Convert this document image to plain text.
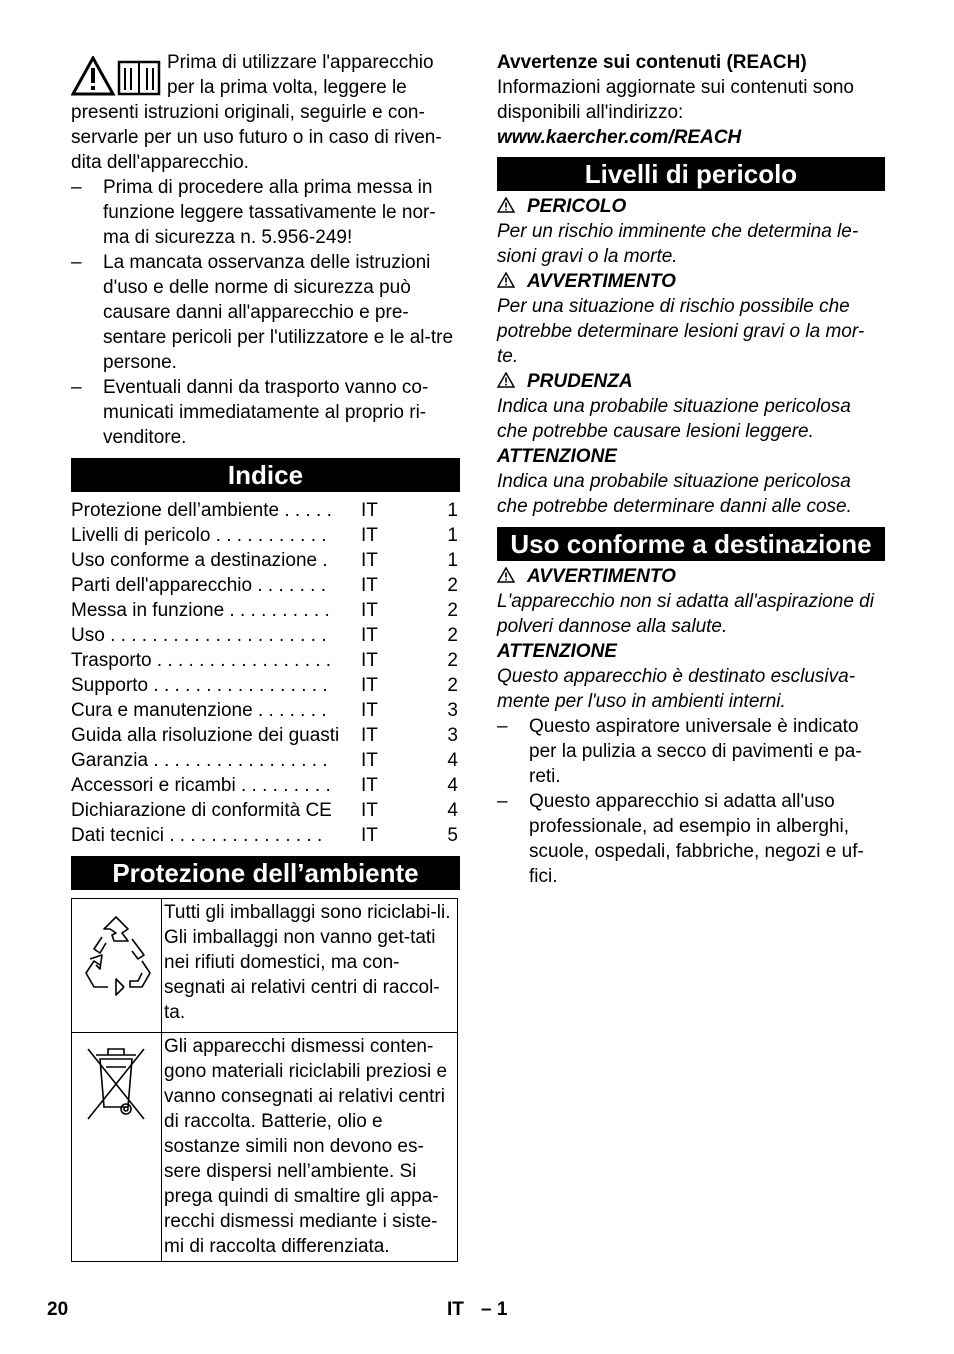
Prima di utilizzare l'apparecchio

per la prima volta, leggere le

presenti istruzioni originali, seguirle e con-

servarle per un uso futuro o in caso di riven-

dita dell'apparecchio.

– Prima di procedere alla prima messa in funzione leggere tassativamente le nor-ma di sicurezza n. 5.956-249!
– La mancata osservanza delle istruzioni d'uso e delle norme di sicurezza può causare danni all'apparecchio e pre-sentare pericoli per l'utilizzatore e le al-tre persone.
– Eventuali danni da trasporto vanno co-municati immediatamente al proprio ri-venditore.
Indice
Protezione dell’ambiente . . . . .	IT	1
Livelli di pericolo . . . . . . . . . . .	IT	1
Uso conforme a destinazione .	IT	1
Parti dell'apparecchio . . . . . . .	IT	2
Messa in funzione . . . . . . . . . .	IT	2
Uso . . . . . . . . . . . . . . . . . . . . .	IT	2
Trasporto . . . . . . . . . . . . . . . . .	IT	2
Supporto . . . . . . . . . . . . . . . . .	IT	2
Cura e manutenzione . . . . . . .	IT	3
Guida alla risoluzione dei guasti	IT	3
Garanzia . . . . . . . . . . . . . . . . .	IT	4
Accessori e ricambi . . . . . . . . .	IT	4
Dichiarazione di conformità CE	IT	4
Dati tecnici . . . . . . . . . . . . . . .	IT	5
Protezione dell’ambiente

Tutti gli imballaggi sono riciclabi-li. Gli imballaggi non vanno get-tati nei rifiuti domestici, ma con-segnati ai relativi centri di raccol-ta.

Gli apparecchi dismessi conten-gono materiali riciclabili preziosi e vanno consegnati ai relativi centri di raccolta. Batterie, olio e sostanze simili non devono es-sere dispersi nell’ambiente. Si prega quindi di smaltire gli appa-recchi dismessi mediante i siste-mi di raccolta differenziata.

Avvertenze sui contenuti (REACH)

Informazioni aggiornate sui contenuti sono disponibili all'indirizzo:

www.kaercher.com/REACH

Livelli di pericolo
PERICOLO

Per un rischio imminente che determina le-sioni gravi o la morte.

AVVERTIMENTO

Per una situazione di rischio possibile che potrebbe determinare lesioni gravi o la mor-te.

PRUDENZA

Indica una probabile situazione pericolosa che potrebbe causare lesioni leggere.

ATTENZIONE

Indica una probabile situazione pericolosa che potrebbe determinare danni alle cose.

Uso conforme a destinazione
AVVERTIMENTO

L'apparecchio non si adatta all'aspirazione di polveri dannose alla salute.

ATTENZIONE

Questo apparecchio è destinato esclusiva-mente per l'uso in ambienti interni.

– Questo aspiratore universale è indicato per la pulizia a secco di pavimenti e pa-reti.
– Questo apparecchio si adatta all'uso professionale, ad esempio in alberghi, scuole, ospedali, fabbriche, negozi e uf-fici.
20	IT – 1
